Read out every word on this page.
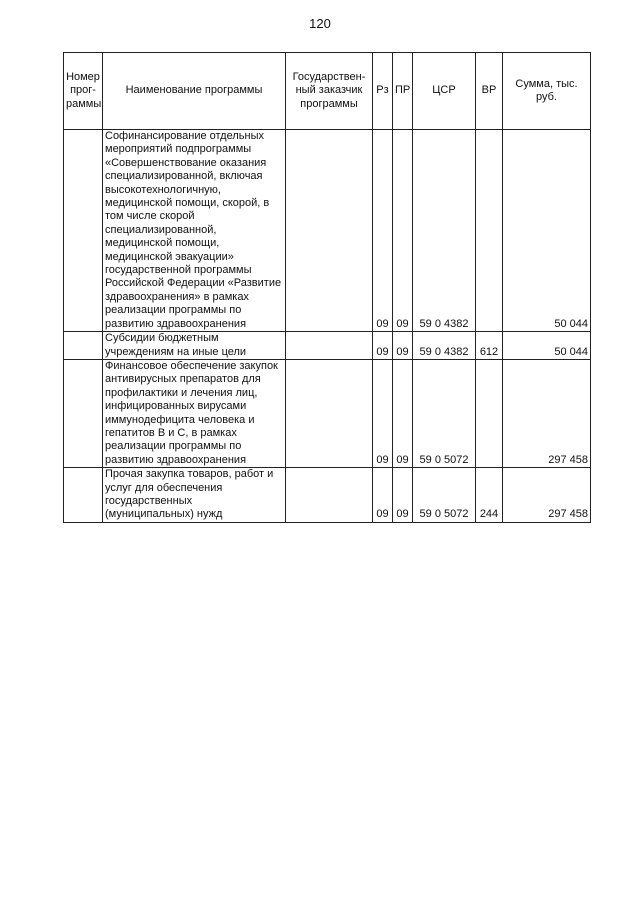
120
Номер прог-раммы	Наименование программы	Государствен-ный заказчик программы	Рз	ПР	ЦСР	ВР	Сумма, тыс. руб.
	Софинансирование отдельных мероприятий подпрограммы «Совершенствование оказания специализированной, включая высокотехнологичную, медицинской помощи, скорой, в том числе скорой специализированной, медицинской помощи, медицинской эвакуации» государственной программы Российской Федерации «Развитие здравоохранения» в рамках реализации программы по развитию здравоохранения		09	09	59 0 4382		50 044
	Субсидии бюджетным учреждениям на иные цели		09	09	59 0 4382	612	50 044
	Финансовое обеспечение закупок антивирусных препаратов для профилактики и лечения лиц, инфицированных вирусами иммунодефицита человека и гепатитов В и С, в рамках реализации программы по развитию здравоохранения		09	09	59 0 5072		297 458
	Прочая закупка товаров, работ и услуг для обеспечения государственных (муниципальных) нужд		09	09	59 0 5072	244	297 458
